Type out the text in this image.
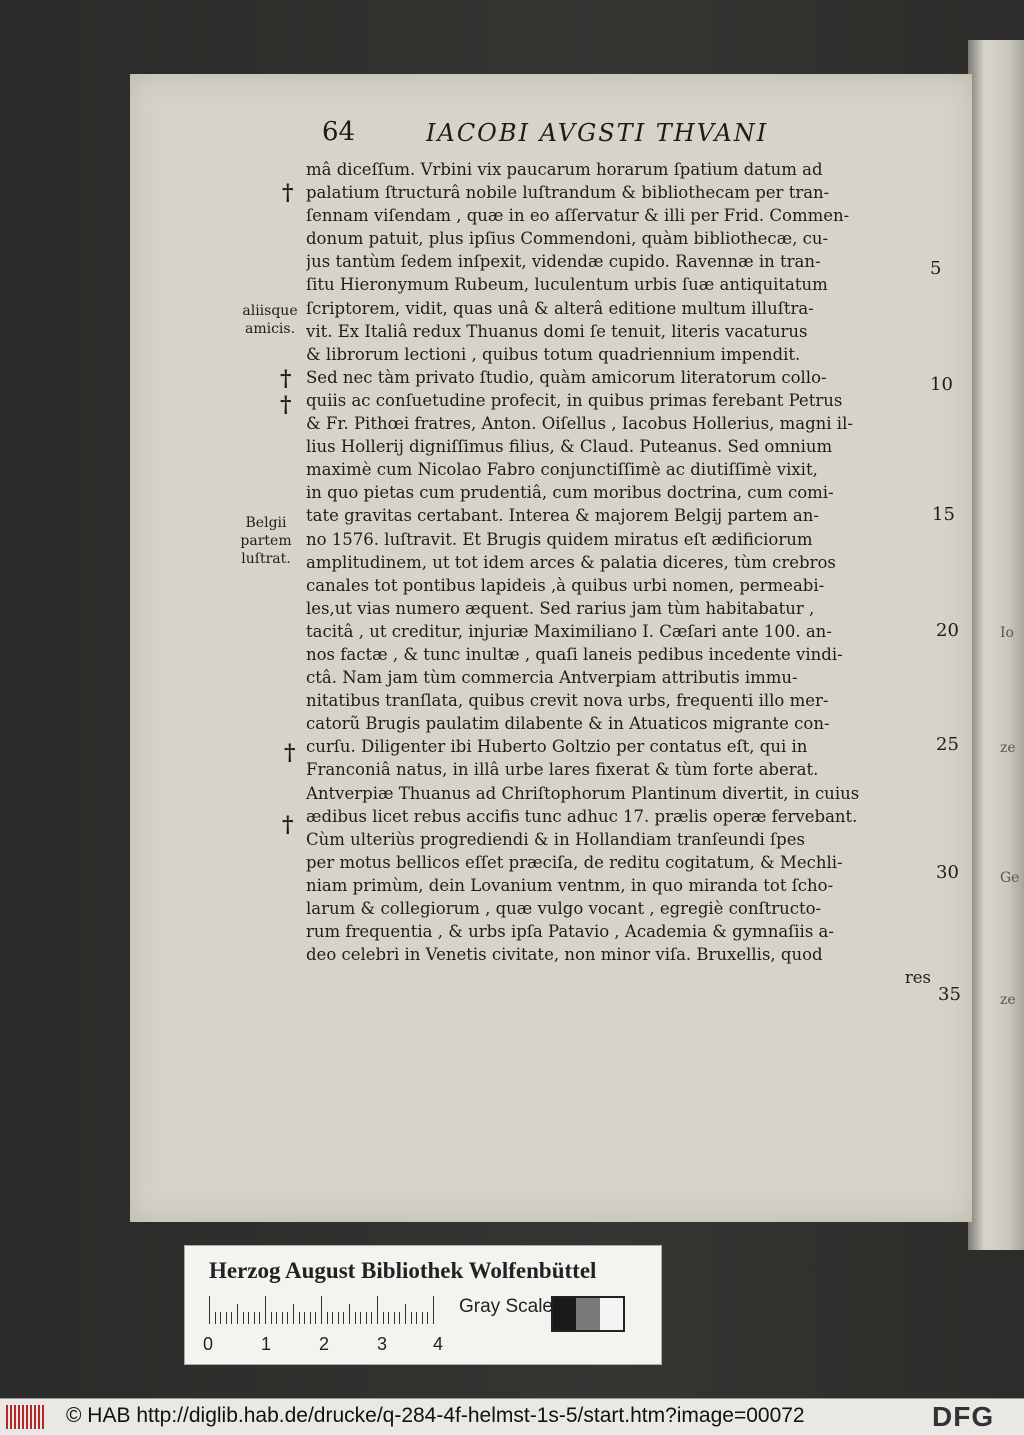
Io
ze
Ge
ze
64	IACOBI AVGSTI THVANI
mâ diceſſum. Vrbini vix paucarum horarum ſpatium datum ad
palatium ſtructurâ nobile luſtrandum & bibliothecam per tran-
ſennam viſendam , quæ in eo aſſervatur & illi per Frid. Commen-
donum patuit, plus ipſius Commendoni, quàm bibliothecæ, cu-
jus tantùm ſedem inſpexit, videndæ cupido. Ravennæ in tran-
ſitu Hieronymum Rubeum, luculentum urbis ſuæ antiquitatum
ſcriptorem, vidit, quas unâ & alterâ editione multum illuſtra-
vit. Ex Italiâ redux Thuanus domi ſe tenuit, literis vacaturus
& librorum lectioni , quibus totum quadriennium impendit.
Sed nec tàm privato ſtudio, quàm amicorum literatorum collo-
quiis ac conſuetudine profecit, in quibus primas ferebant Petrus
& Fr. Pithœi fratres, Anton. Oiſellus , Iacobus Hollerius, magni il-
lius Hollerij digniſſimus filius, & Claud. Puteanus. Sed omnium
maximè cum Nicolao Fabro conjunctiſſimè ac diutiſſimè vixit,
in quo pietas cum prudentiâ, cum moribus doctrina, cum comi-
tate gravitas certabant. Interea & majorem Belgij partem an-
no 1576. luſtravit. Et Brugis quidem miratus eſt ædificiorum
amplitudinem, ut tot idem arces & palatia diceres, tùm crebros
canales tot pontibus lapideis ,à quibus urbi nomen, permeabi-
les,ut vias numero æquent. Sed rarius jam tùm habitabatur ,
tacitâ , ut creditur, injuriæ Maximiliano I. Cæſari ante 100. an-
nos factæ , & tunc inultæ , quaſi laneis pedibus incedente vindi-
ctâ. Nam jam tùm commercia Antverpiam attributis immu-
nitatibus tranſlata, quibus crevit nova urbs, frequenti illo mer-
catorũ Brugis paulatim dilabente & in Atuaticos migrante con-
curſu. Diligenter ibi Huberto Goltzio per contatus eſt, qui in
Franconiâ natus, in illâ urbe lares fixerat & tùm forte aberat.
Antverpiæ Thuanus ad Chriſtophorum Plantinum divertit, in cuius
ædibus licet rebus accifis tunc adhuc 17. prælis operæ fervebant.
Cùm ulteriùs progrediendi & in Hollandiam tranſeundi ſpes
per motus bellicos eſſet præciſa, de reditu cogitatum, & Mechli-
niam primùm, dein Lovanium ventnm, in quo miranda tot ſcho-
larum & collegiorum , quæ vulgo vocant , egregiè conſtructo-
rum frequentia , & urbs ipſa Patavio , Academia & gymnaſiis a-
deo celebri in Venetis civitate, non minor viſa. Bruxellis, quod
res
5
10
15
20
25
30
35
†
†
†
†
†
aliisque
amicis.
Belgii
partem
luſtrat.
Herzog August Bibliothek Wolfenbüttel
0	1	2	3	4
Gray Scale
© HAB http://diglib.hab.de/drucke/q-284-4f-helmst-1s-5/start.htm?image=00072	DFG
